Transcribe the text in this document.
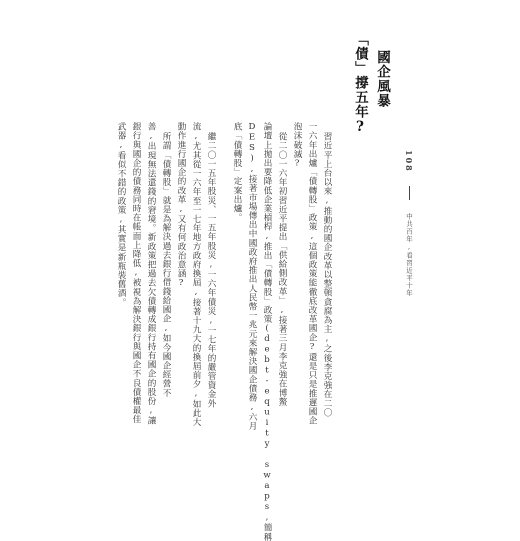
108  中共百年,看習近平十年
國企風暴
「債」撐五年?
習近平上台以來,推動的國企改革以整頓貪腐為主,之後李克強在二〇
一六年出爐「債轉股」政策,這個政策能徹底改革國企?還是只是推遲國企
泡沫破滅?
從二〇一六年初習近平提出「供給側改革」,接著三月李克強在博鰲
論壇上拋出要降低企業槓桿,推出「債轉股」政策(debt-equity swaps,簡稱
DES),接著市場傳出中國政府推出人民幣一兆元來解決國企債務,六月
底「債轉股」定案出爐。
繼二〇一五年股災、一五年股災,一六年債災,一七年的嚴管資金外
流,尤其從一六年至一七年地方政府換屆,接著十九大的換屆前夕,如此大
動作進行國企的改革,又有何政治意涵?
所謂「債轉股」就是為解決過去銀行借錢給國企,如今國企經營不
善,出現無法還錢的窘境。新政策把過去欠債轉成銀行持有國企的股份,讓
銀行與國企的債務同時在帳面上降低,被視為解決銀行與國企不良債權最佳
武器,看似不錯的政策,其實是新瓶裝舊酒。
